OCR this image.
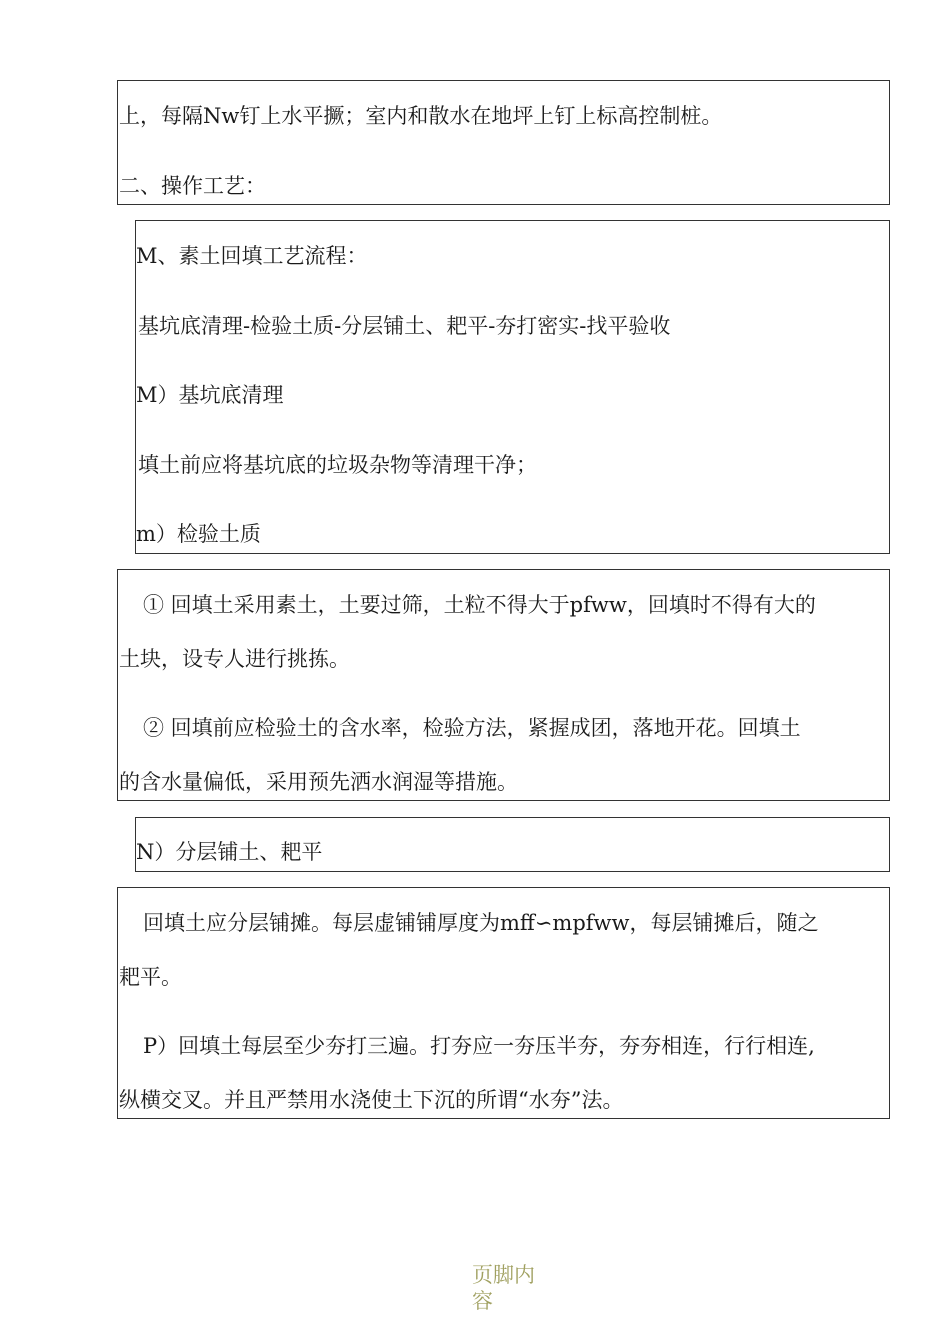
上，每隔Nw钉上水平撅；室内和散水在地坪上钉上标高控制桩。
二、操作工艺：
M、素土回填工艺流程：
基坑底清理-检验土质-分层铺土、耙平-夯打密实-找平验收
M）基坑底清理
填土前应将基坑底的垃圾杂物等清理干净；
m）检验土质
① 回填土采用素土，土要过筛，土粒不得大于pfww，回填时不得有大的
土块，设专人进行挑拣。
② 回填前应检验土的含水率，检验方法，紧握成团，落地开花。回填土
的含水量偏低，采用预先洒水润湿等措施。
N）分层铺土、耙平
回填土应分层铺摊。每层虚铺铺厚度为mff∽mpfww，每层铺摊后，随之
耙平。
P）回填土每层至少夯打三遍。打夯应一夯压半夯，夯夯相连，行行相连,
纵横交叉。并且严禁用水浇使土下沉的所谓“水夯”法。
页脚内
容
